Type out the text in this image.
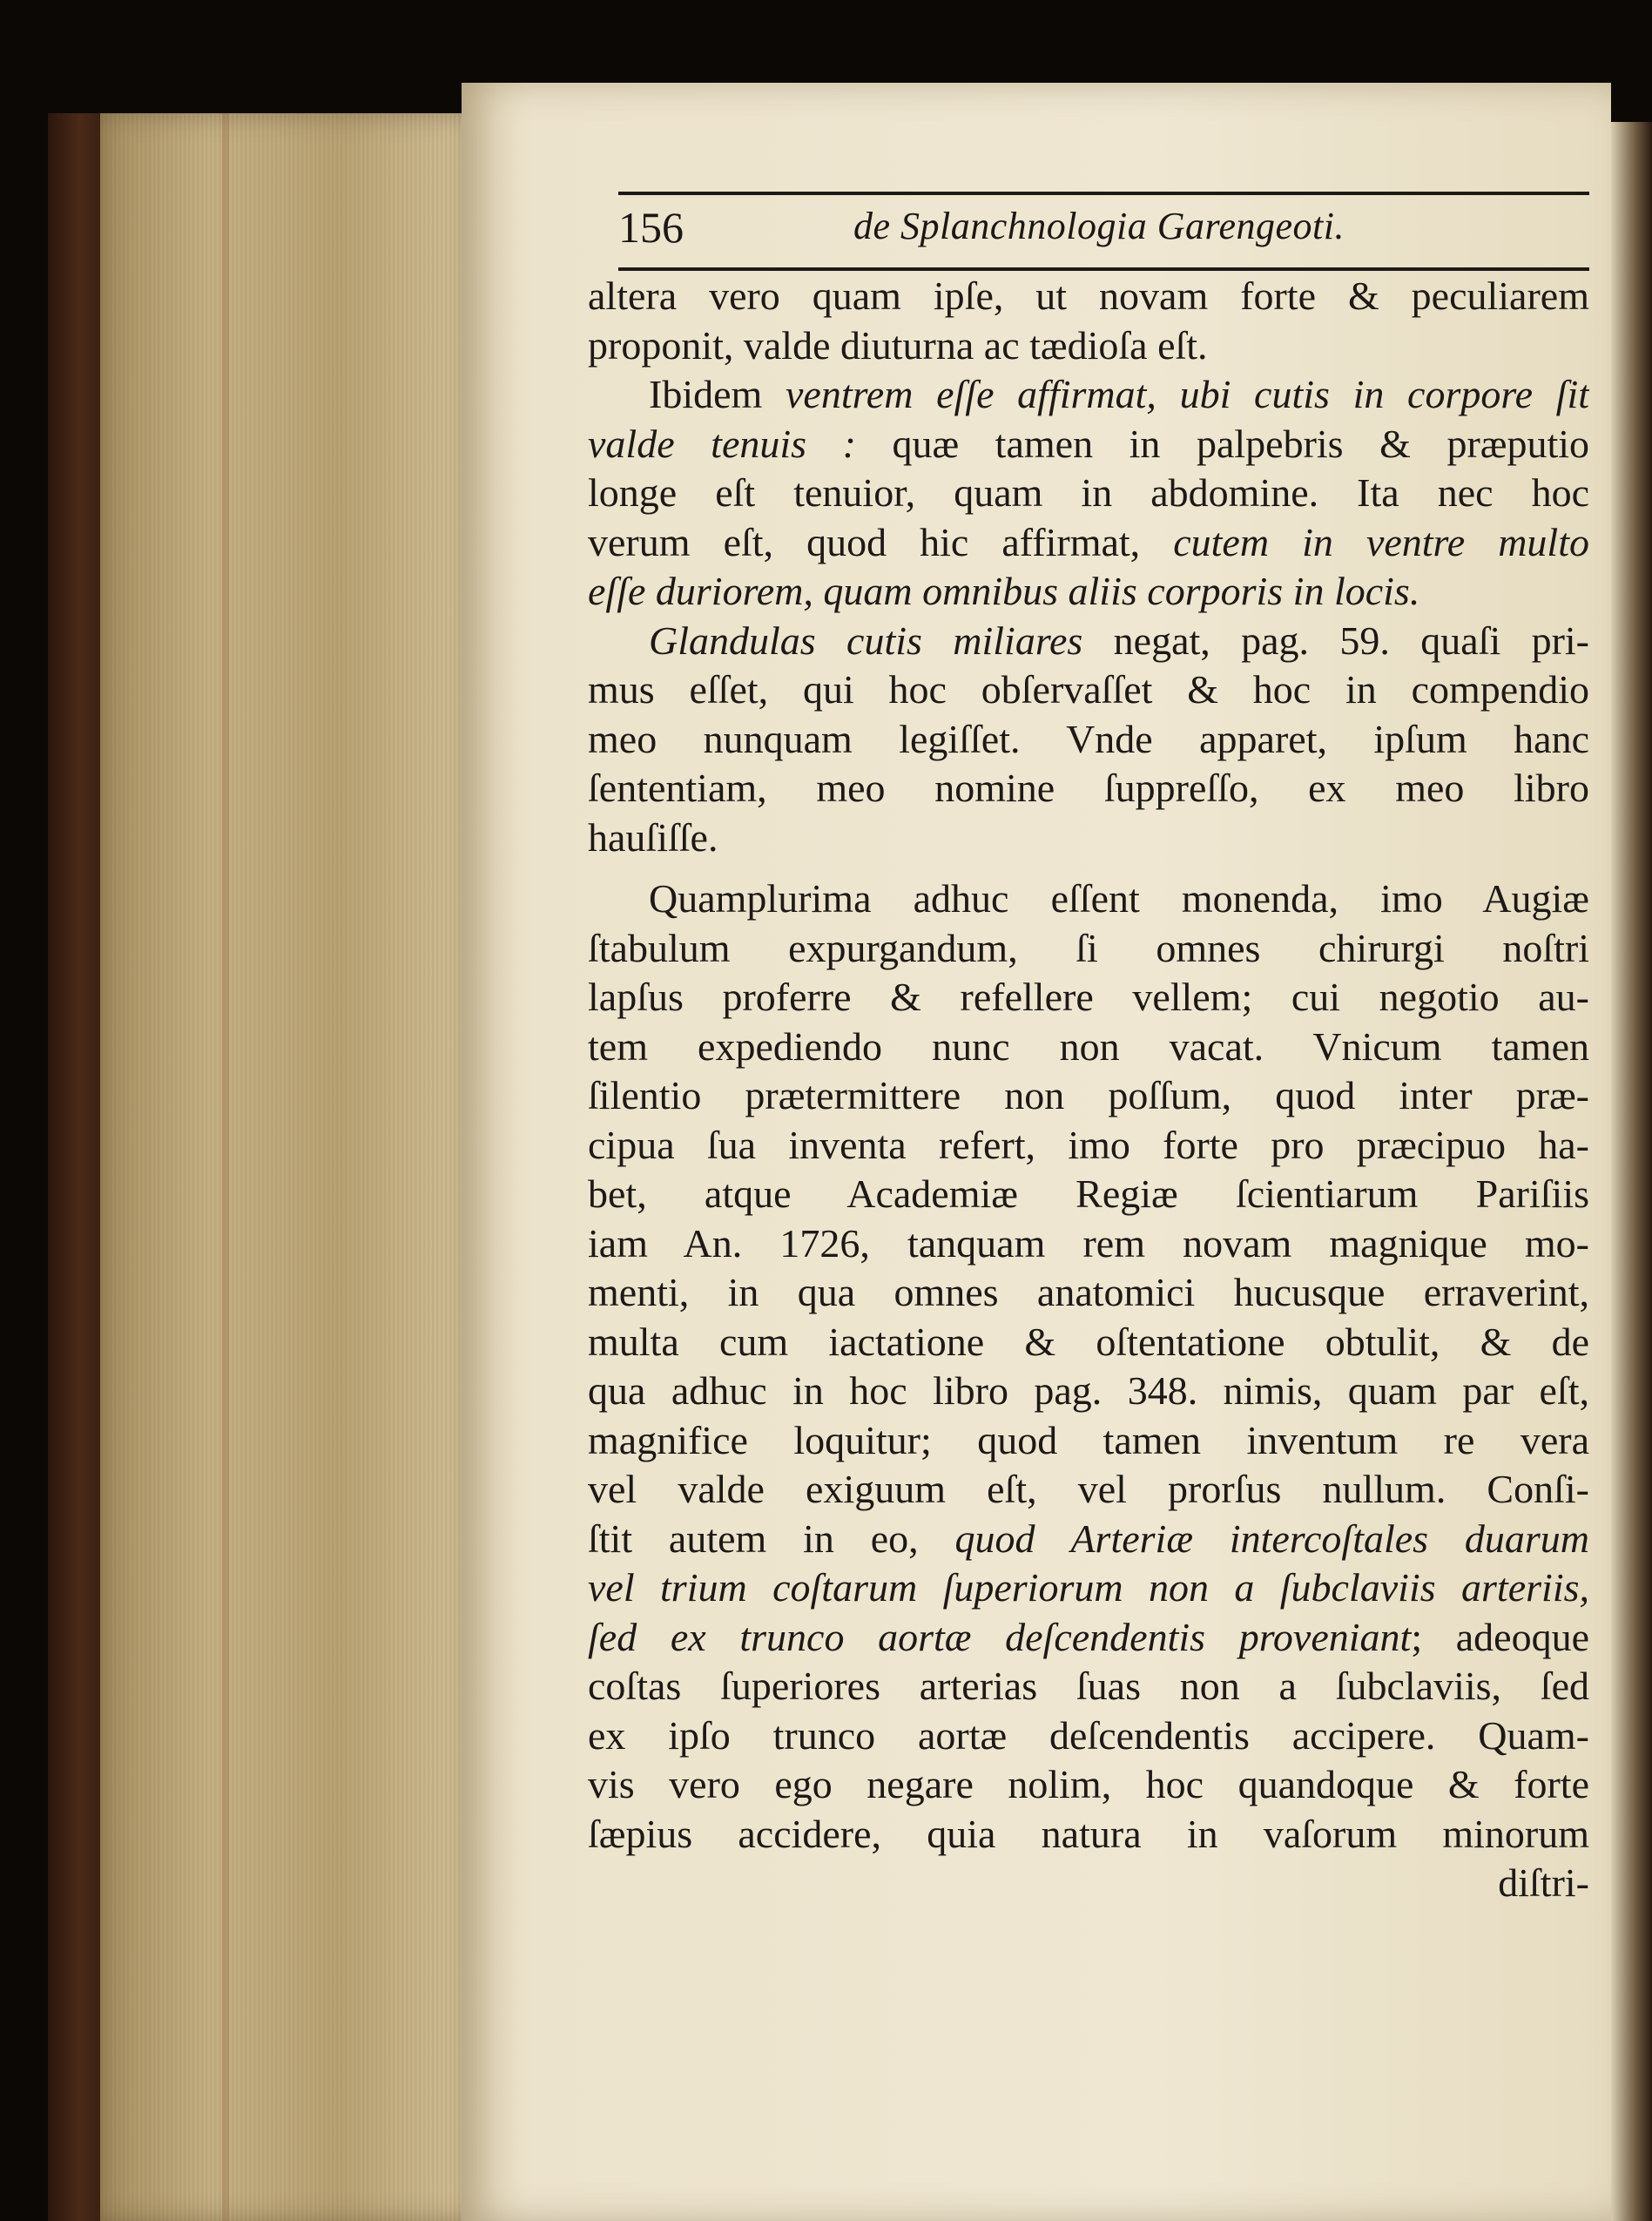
156	de Splanchnologia Garengeoti.
altera vero quam ipſe, ut novam forte & peculiarem
proponit, valde diuturna ac tædioſa eſt.
Ibidem ventrem eſſe affirmat, ubi cutis in corpore ſit
valde tenuis : quæ tamen in palpebris & præputio
longe eſt tenuior, quam in abdomine. Ita nec hoc
verum eſt, quod hic affirmat, cutem in ventre multo
eſſe duriorem, quam omnibus aliis corporis in locis.
Glandulas cutis miliares negat, pag. 59. quaſi pri-
mus eſſet, qui hoc obſervaſſet & hoc in compendio
meo nunquam legiſſet. Vnde apparet, ipſum hanc
ſententiam, meo nomine ſuppreſſo, ex meo libro
hauſiſſe.
Quamplurima adhuc eſſent monenda, imo Augiæ
ſtabulum expurgandum, ſi omnes chirurgi noſtri
lapſus proferre & refellere vellem; cui negotio au-
tem expediendo nunc non vacat. Vnicum tamen
ſilentio prætermittere non poſſum, quod inter præ-
cipua ſua inventa refert, imo forte pro præcipuo ha-
bet, atque Academiæ Regiæ ſcientiarum Pariſiis
iam An. 1726, tanquam rem novam magnique mo-
menti, in qua omnes anatomici hucusque erraverint,
multa cum iactatione & oſtentatione obtulit, & de
qua adhuc in hoc libro pag. 348. nimis, quam par eſt,
magnifice loquitur; quod tamen inventum re vera
vel valde exiguum eſt, vel prorſus nullum. Conſi-
ſtit autem in eo, quod Arteriæ intercoſtales duarum
vel trium coſtarum ſuperiorum non a ſubclaviis arteriis,
ſed ex trunco aortæ deſcendentis proveniant; adeoque
coſtas ſuperiores arterias ſuas non a ſubclaviis, ſed
ex ipſo trunco aortæ deſcendentis accipere. Quam-
vis vero ego negare nolim, hoc quandoque & forte
ſæpius accidere, quia natura in vaſorum minorum
diſtri-
